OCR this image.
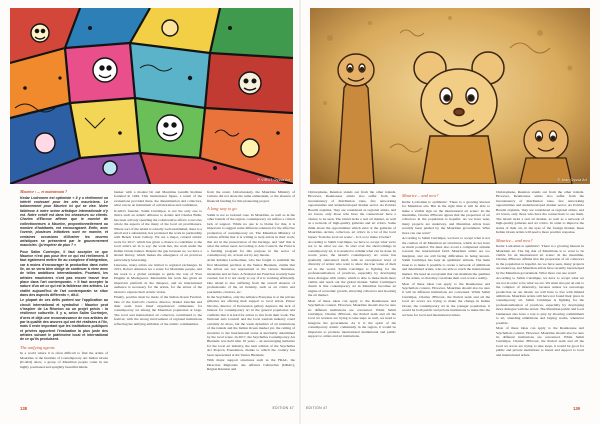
© VIRUT Oyssa Art	© Jean Oyssa Art

Maurice : ... et maintenant ?

Kedar Lodromen est optimiste « Il y a réellement un intérêt croissant pour les arts mauriciens. Le balancement pour Maurice ici qui se vise. Notre faiblesse à notre scène artistique internationale n'y est. Notre crédit est dans les chasseurs ou clients. Charles d'Ebroux affirme que le marché de collectionneurs à Maurice, proportionnellement au nombre d'habitants, est encourageant. Enfin, avec l'avenir, plusieurs initiatives sont en marche, et certaines occasions d'illustrer les œuvres artistiques se présentent par le gouvernement mauricien. Qu'espérer de plus ? »

Pour Salim Currimjee, il faut accepter ce que Maurice n'est pas pour être ce qui est réellement. Il faut également mettre fin au complexe d'intégration, car à moins d'encourager la production dans notre île, on se verra bien obligé de continuer à vivre avec de telles ambitions internationales. Pourtant, les artistes mauriciens n'ont pas encore trouvé leur place dans l'art contemporain. « Il faut accepter la nature d'un art ce qui est la faiblesse des artistes. La réalité aujourd'hui de l'art contemporain se situe dans des aspects différents », dit-il.

Le plupart de ces défis portent sur l'application au circuit international et symbolisé : Maurice peut s'inspirer de La Réunion où un projet précis : la résilience culturelle. Il y a, selon Salim Currimjee, d'ores et déjà une reconnaissance de nos artistes de par la qualité des œuvres qui ont été réalisées à l'île, mais il reste important que les institutions publiques et privées apportent l'évaluation la plus juste des artistes suivant le patrimoine local et international de ce qu'ils produisent.

The unifying agents

In a world where it is often difficult to find the artists of Mauritius at the Institute of Contemporary Art Indian Ocean (ICAIO) show, a group of Mauritian people came in ten highly positioned and sprightly beautiful minds.

banker with a modest bit and Mauritius Gandhi Institute founded in 1949. This institutional figure, a result of the evaluations provided there, the dissemination and collectors, what can be an instrument of collaboration and confidence.

ICAIO's founder, Salim Currimjee, is not the only one to thrive such an artistic Alliance to Artists and Charles Bulle, has been actively spending the collaborative efforts to involve whole the aspects of the many of the local art practitioners. Where sort of the island is actually well established, there is a small and a substantial, has promoted the work in partnership with Benoit Lhoir Gallery. We are a major, curated artistic work for 2017, which has given a chance to contribute to the local artist's art in to say: the work lies, the work under the Indian Ocean banner. Despite the gap between us, we have a shared history, which makes the emergence of art practices particularly interesting.

Likewise, many artists are invited to regional exchanges. In 2015, Robert Atkinson set a sense for Mauritian people, and his work is a global example to guide the role of Yves Pinguin in Madagascar. Meanwhile his work has given an important platform in the diaspora, and an international audience is necessary for the artists, for the artists of the island to express their artistic vision.

Finally, positive must be made of the Indian Ocean Festival. One of the festival's creative director, Daniel Zanchin and their team have hired experienced enthusiasts for contemporary art among the Mauritian population at large. The local and international art collectors contributed to the festival, with the strong involvement of regional institutions reflecting the unifying ambition of the artistic communities.

from the event. Unfortunately, the Mauritius Ministry of Culture did not share the same enthusiasm, or the absence of financial funding for this pioneering project.

A long way to go

Salim is not so isolated case. In Mauritius, as well as in the other islands of the region, contemporary art suffers a critical lack of support. While no one is to blame for this, it is important to suggest some different solutions for the effective promotion of contemporary art. The Mauritian Ministry of Culture affirms that it is willing to help artists in their work, that are in the preservation of the heritage, and 'and' this is what the artists need. According to Arts Council, the Fund is a funding program for this purpose in the sector of contemporary art, at least not by any means.

Artist Krishna Luchoomun, who has fought to establish the first Mauritian pavilion at the Venice Biennale, claims that the artists are not represented at the various biennales, triennales and art fairs. A National Art Fund has recently been created, but it is not ready to say if it is working efficiently. One island is also suffering from the overall absence of professionals of the art industry, such as art critics and journalists, curators, etc.

In the Seychelles, only the Alliance Française is at the private galleries are offering their support to local artists. Prince Nicolas, director of Percussion gallery deplores the lack of interest for contemporary art in the general population and confirms that it is hard for artists to live from their work. The National Arts Council and the local tourism industry could certainly do more, but the weak dynamics of art institutions of the islands and the Indian Ocean market yet, the ceiling of incentive to the international scene is inevitably determined by the local scene. In 2017, the Seychelles Contemporary Art Biennale was held after 10 years – an encouraging initiative for the local art industry, the next edition of the Seychelles Art Projects Foundation, thanks to which the country has been represented at the Venice Biennale.

With major support structures such as the FRAC, the Direction Régionale des Affaires Culturelles (DRAC), Région Réunion and

Christophene, Reunion stands out from the other islands. However, Reunionese artists also suffer from the inconsistency of distribution rates, few networking opportunities and underdeveloped market sector. As Patricia Bouchi explains, 'they are considered as regional artists, and art lovers, only those who have the connections' have a chance to be seen. The island lacks a real art market, as well as a network of high-quality galleries and art critics. Some think about the opportunities which exist at the galleries of Mauritius. Artists, collectors, art critics in a lot of the local bijoux 'from the local art scene' – Is it so to make it better?

According to Salim Currimjee, we have to accept what we're not to be what we are. To start over the shortcomings in contemporary art, it is needed to rethink what can be done. In recent years, the island's contemporary art scene has gradually reinvented itself, with an exceptional level of diversity of artists who want to show the true value of their art in the world. Salim Currimjee is fighting for the professionalisation of practices, especially by developing more dialogue with artists, which is able to make them more visible and reach out the global market. Salim Currimjee's dream is that contemporary art in Mauritius becomes an engine of economic growth, attracting collectors and boosting the art market.

Most of these ideas can apply to the Reunionese and Seychellois context. However, Mauritius should also be sure its different institutions are concerned. While Salim Currimjee, Charles d'Ebroux, the Perlerl team and all the local art workers are trying to take steps as well, we need to integrate the government. As it is the spirit of the contemporary artistic community in the region, it would be important to promote international institutional and public support to artists and art institutions.

Maurice... and now?

Kedar Lodromen is optimistic: 'There is a growing interest for Mauritian arts. But in the right time it will be able to make a visible sign on the international art scene.' In the meantime, Charles d'Ebroux agrees that the proportion of art collectors in the population is hopeful. As we have seen, many projects are underway, and Mauritian artists have recently been pushed by the Mauritian government. What more can one want?

According to Salim Currimjee, we have to accept what is not the caution of all Mauritian art structures, which do not have as much potential. We must also avoid a complexed attitude towards the international field. Mauritian artists are too marginal, and are still facing difficulties in being known. Salim Currimjee has kept an optimistic attitude. The main issue is to make it possible to create a network of ambitious and determined artists, who are able to reach the international market. We need an ecosystem that can maintain the qualities of the artists, so that they can make their own work a reality.

Most of these ideas can apply to the Reunionese and Seychellois context. However, Mauritius should also be sure it will be different institutions are concerned. While Salim Currimjee, Charles d'Ebroux, the Perlerl team and all the local art actors are trying to make the change in Indian Ocean, the contemporary art in the younger population, it would be both public and private institutions to make this the art base for local and international artists.

Christophene, Reunion stands out from the other islands. However, Reunionese artists also suffer from the inconsistency of distribution rates, few networking opportunities and underdeveloped market sector. As Patricia Bouchi explains, 'they are considered as regional artists, and art lovers, only those who have the connections' to see them. The island lacks a real art market, as well as a network of high-quality galleries and art critics. In order to improve the status of their art, in the eyes of the foreign market, these Indian Ocean artists will need a more positive response.

Maurice... and now?

Kedar Lodromen is optimistic: 'There is a growing interest in Mauritian art. The big risk of Mauritians is to want to be visible for an international art scene.' In the meantime, Charles d'Ebroux affirms that the proportion of art collectors in the population is hopeful. As we have seen, many projects are underway, and Mauritian artists have recently been helped by the Mauritian government. What more can one want?

According to Salim Currimjee, we have to accept what we are not in order to be what we are. We must also put an end to the complex of inferiority, because unless we encourage production on our island, we will have to live with limited ambitions. Mauritian artists still have not found their place in contemporary art. Salim Currimjee is fighting for the professionalisation of practices, especially by developing more dialogue with the artists. The Mauritian public and local businesses also have a role to play by showing commitment to art, attending exhibitions and buying works, whenever possible.

Most of these ideas can apply to the Reunionese and Seychellois context. However, Mauritius should also be sure its different institutions are concerned. While Salim Currimjee, Charles d'Ebroux, the Perlerl team and all the local art actors are trying to take steps, it would be good for public and private institutions to invest and support to local and international artists.

138	EDITION 47	EDITION 47	139
